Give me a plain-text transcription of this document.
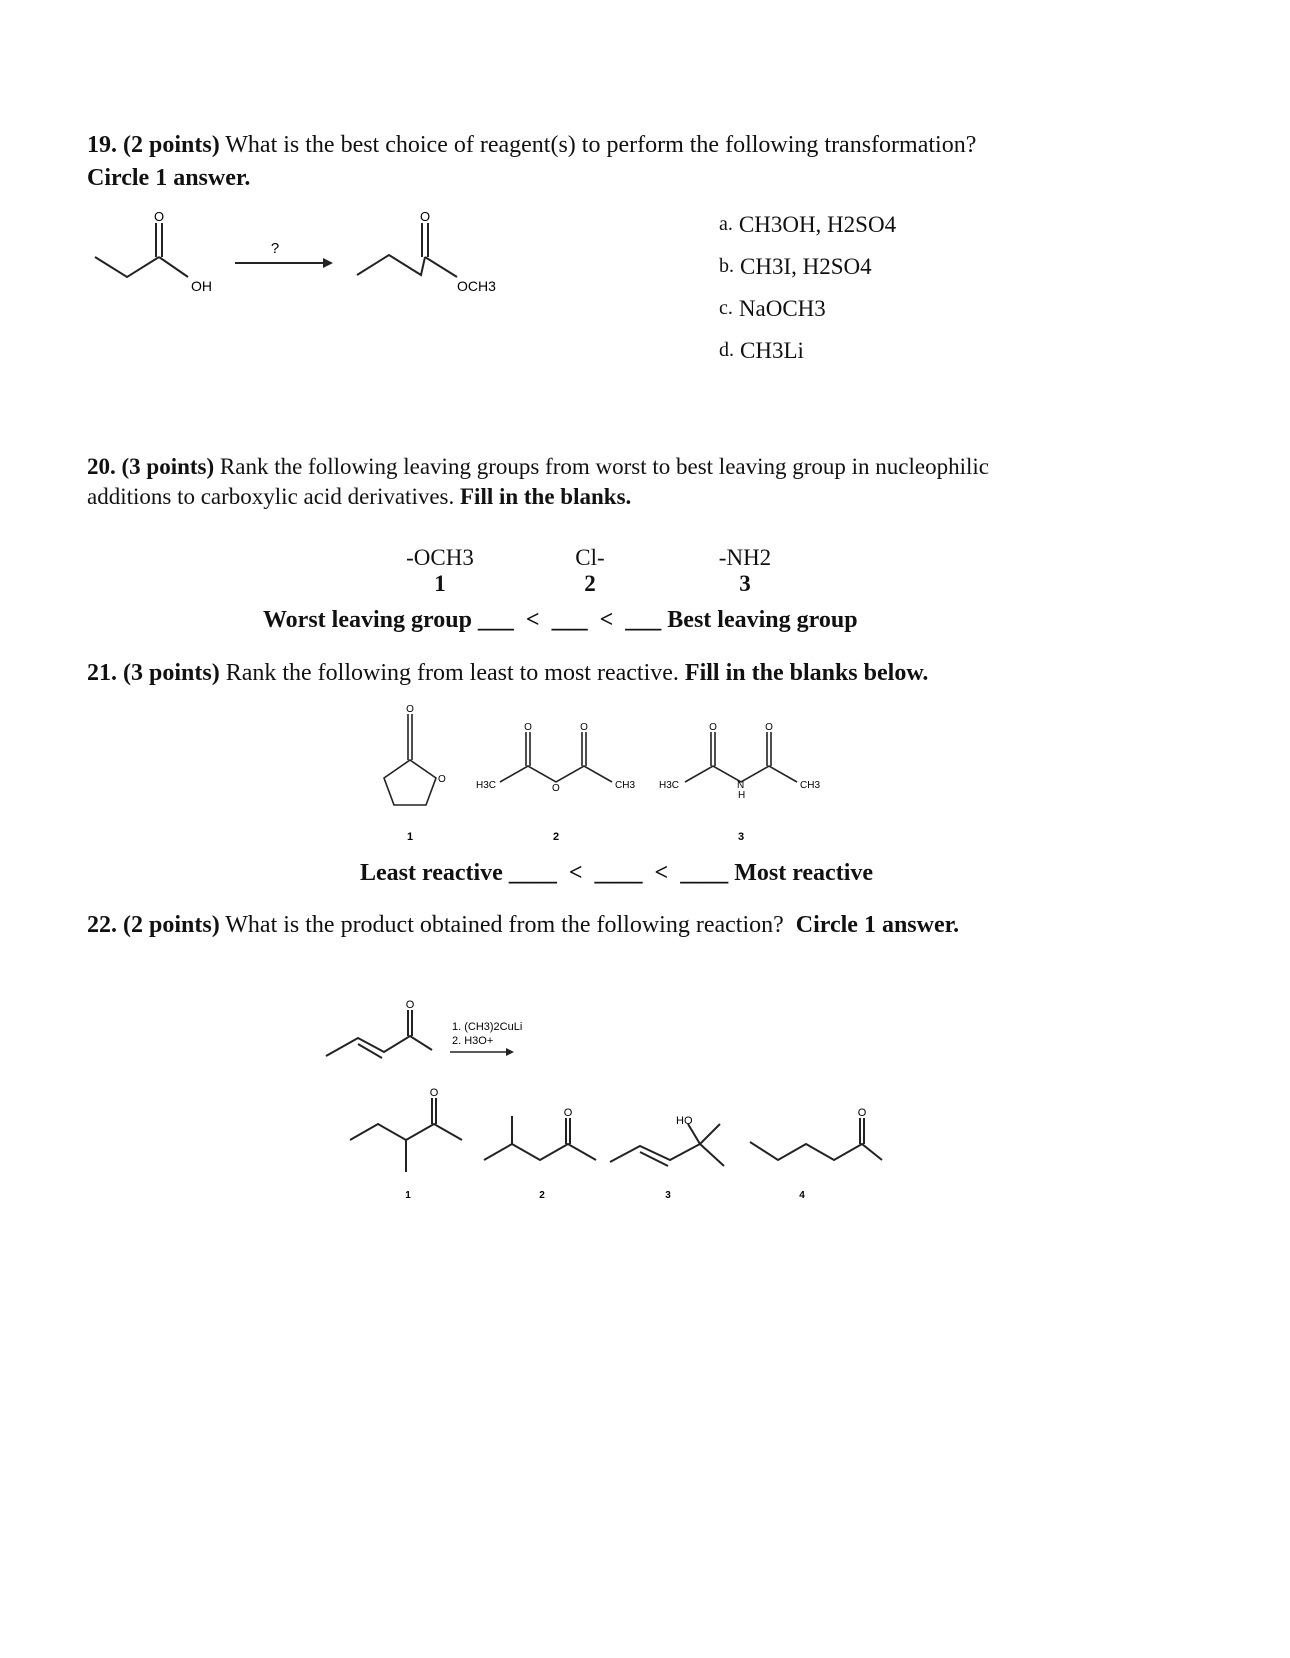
19. (2 points) What is the best choice of reagent(s) to perform the following transformation?
Circle 1 answer.
O
OH
?
O
OCH3
a. CH3OH, H2SO4
b. CH3I, H2SO4
c. NaOCH3
d. CH3Li
20. (3 points) Rank the following leaving groups from worst to best leaving group in nucleophilic
additions to carboxylic acid derivatives. Fill in the blanks.
-OCH3
1
Cl-
2
-NH2
3
Worst leaving group ___ < ___ < ___ Best leaving group
21. (3 points) Rank the following from least to most reactive. Fill in the blanks below.
O
O
O	O
H3C	O	CH3
O	O
H3C	N
H
CH3
1	2	3
Least reactive ____ < ____ < ____ Most reactive
22. (2 points) What is the product obtained from the following reaction? Circle 1 answer.
O
1. (CH3)2CuLi
2. H3O+
O
O
HO
O
1	2	3	4
